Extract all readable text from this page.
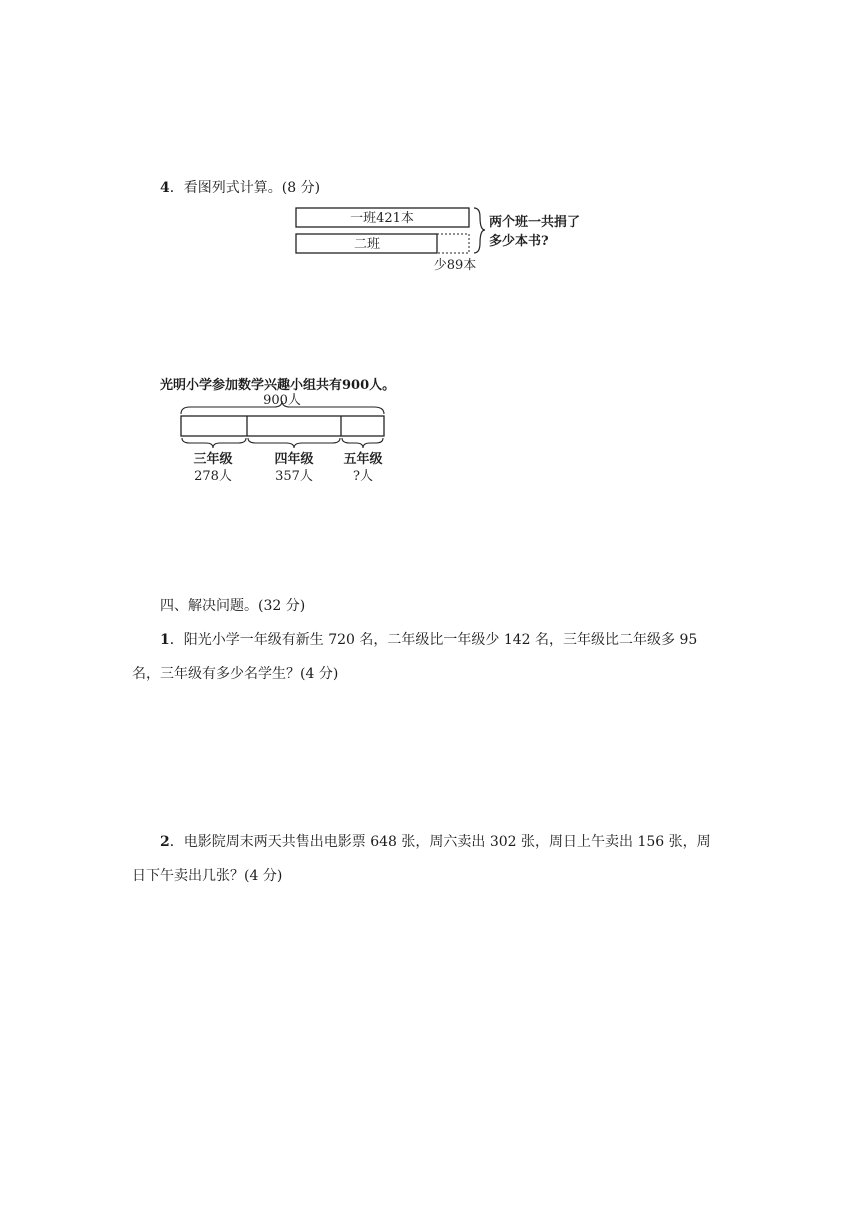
4．看图列式计算。(8 分)
一班421本
二班
少89本
两个班一共捐了
多少本书?
光明小学参加数学兴趣小组共有900人。
900人
三年级
278人
四年级
357人
五年级
?人
四、解决问题。(32 分)
1．阳光小学一年级有新生 720 名，二年级比一年级少 142 名，三年级比二年级多 95
名，三年级有多少名学生？(4 分)
2．电影院周末两天共售出电影票 648 张，周六卖出 302 张，周日上午卖出 156 张，周
日下午卖出几张？(4 分)
